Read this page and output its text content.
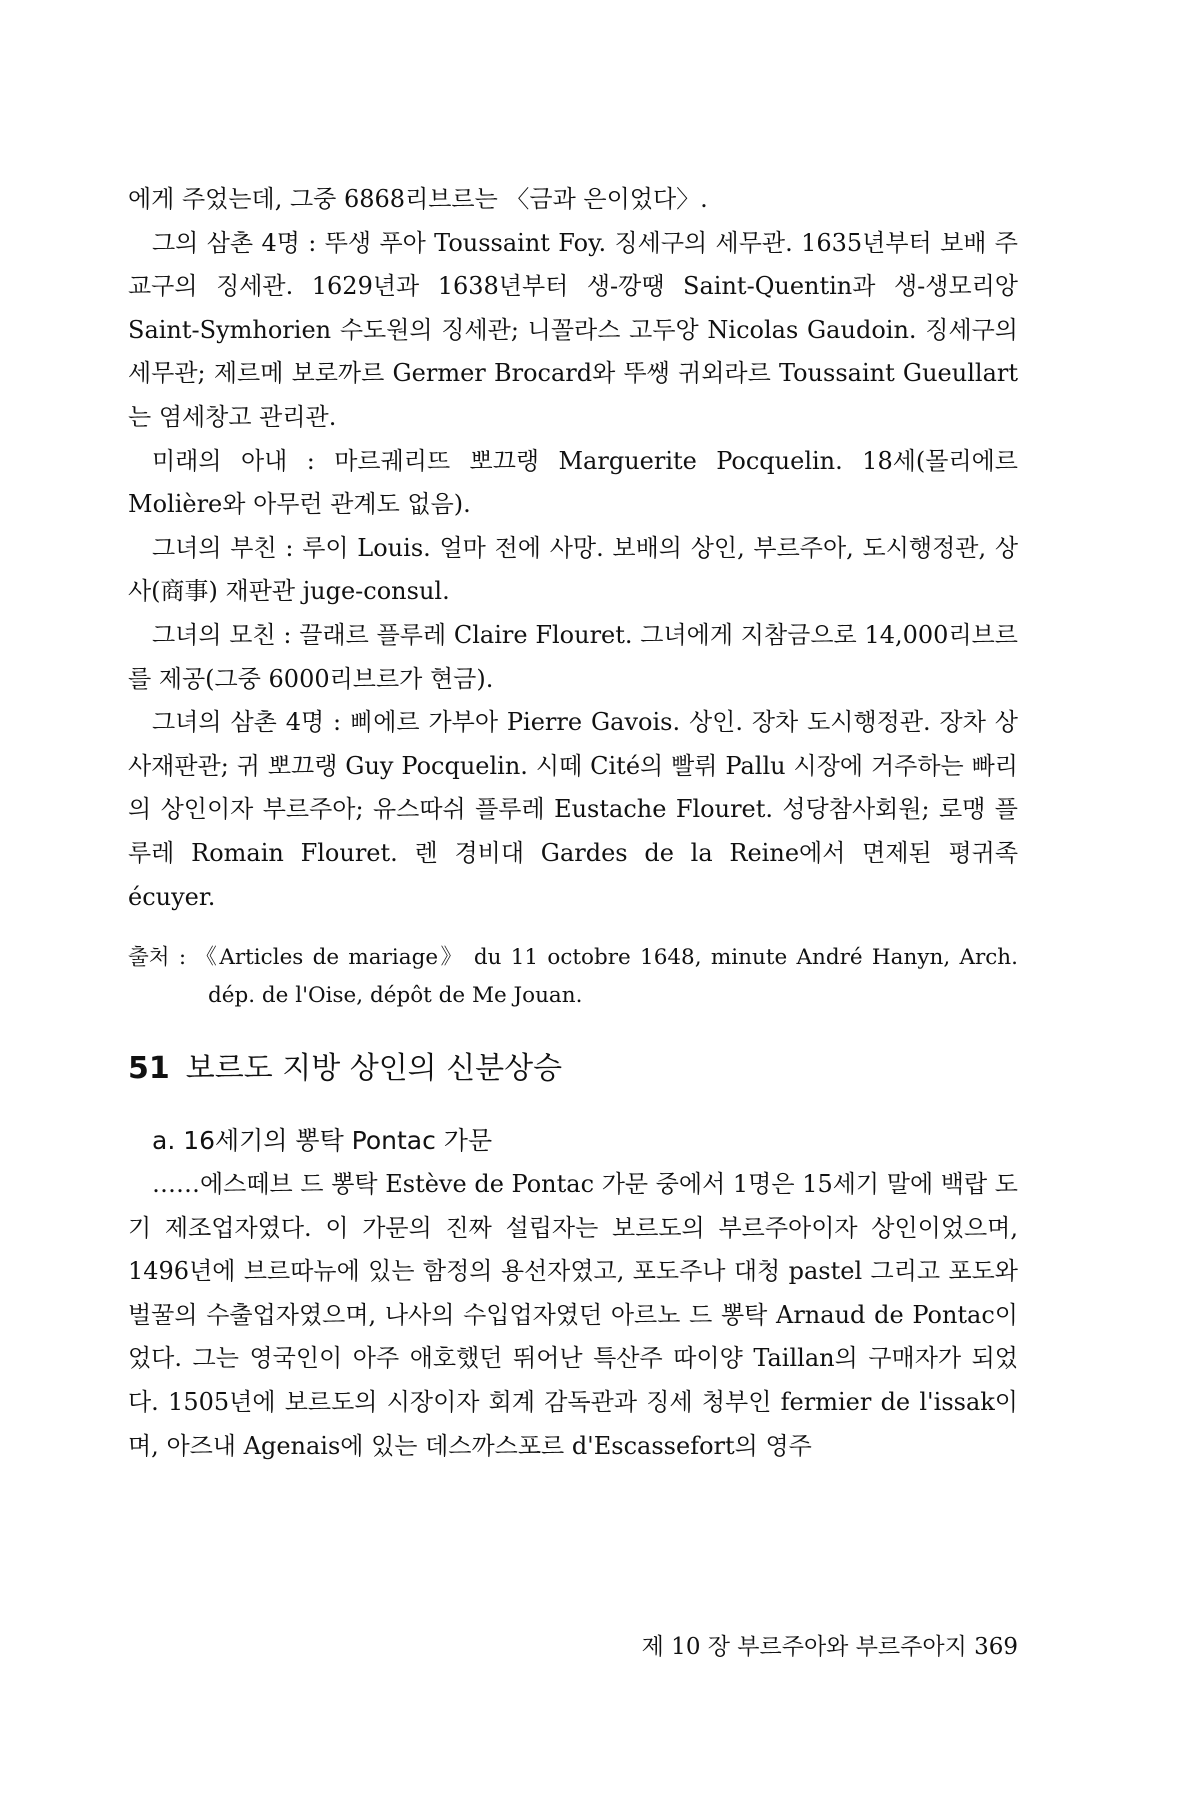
에게 주었는데, 그중 6868리브르는 〈금과 은이었다〉.

그의 삼촌 4명 : 뚜생 푸아 Toussaint Foy. 징세구의 세무관. 1635년부터 보배 주교구의 징세관. 1629년과 1638년부터 생-깡땡 Saint-Quentin과 생-생모리앙 Saint-Symhorien 수도원의 징세관; 니꼴라스 고두앙 Nicolas Gaudoin. 징세구의 세무관; 제르메 보로까르 Germer Brocard와 뚜쌩 귀외라르 Toussaint Gueullart는 염세창고 관리관.

미래의 아내 : 마르궤리뜨 뽀끄랭 Marguerite Pocquelin. 18세(몰리에르 Molière와 아무런 관계도 없음).

그녀의 부친 : 루이 Louis. 얼마 전에 사망. 보배의 상인, 부르주아, 도시행정관, 상사(商事) 재판관 juge-consul.

그녀의 모친 : 끌래르 플루레 Claire Flouret. 그녀에게 지참금으로 14,000리브르를 제공(그중 6000리브르가 현금).

그녀의 삼촌 4명 : 삐에르 가부아 Pierre Gavois. 상인. 장차 도시행정관. 장차 상사재판관; 귀 뽀끄랭 Guy Pocquelin. 시떼 Cité의 빨뤼 Pallu 시장에 거주하는 빠리의 상인이자 부르주아; 유스따쉬 플루레 Eustache Flouret. 성당참사회원; 로맹 플루레 Romain Flouret. 렌 경비대 Gardes de la Reine에서 면제된 평귀족 écuyer.

출처 : 《Articles de mariage》 du 11 octobre 1648, minute André Hanyn, Arch. dép. de l'Oise, dépôt de Me Jouan.

51 보르도 지방 상인의 신분상승
a. 16세기의 뽕탁 Pontac 가문

……에스떼브 드 뽕탁 Estève de Pontac 가문 중에서 1명은 15세기 말에 백랍 도기 제조업자였다. 이 가문의 진짜 설립자는 보르도의 부르주아이자 상인이었으며, 1496년에 브르따뉴에 있는 함정의 용선자였고, 포도주나 대청 pastel 그리고 포도와 벌꿀의 수출업자였으며, 나사의 수입업자였던 아르노 드 뽕탁 Arnaud de Pontac이었다. 그는 영국인이 아주 애호했던 뛰어난 특산주 따이양 Taillan의 구매자가 되었다. 1505년에 보르도의 시장이자 회계 감독관과 징세 청부인 fermier de l'issak이며, 아즈내 Agenais에 있는 데스까스포르 d'Escassefort의 영주

제 10 장 부르주아와 부르주아지 369
